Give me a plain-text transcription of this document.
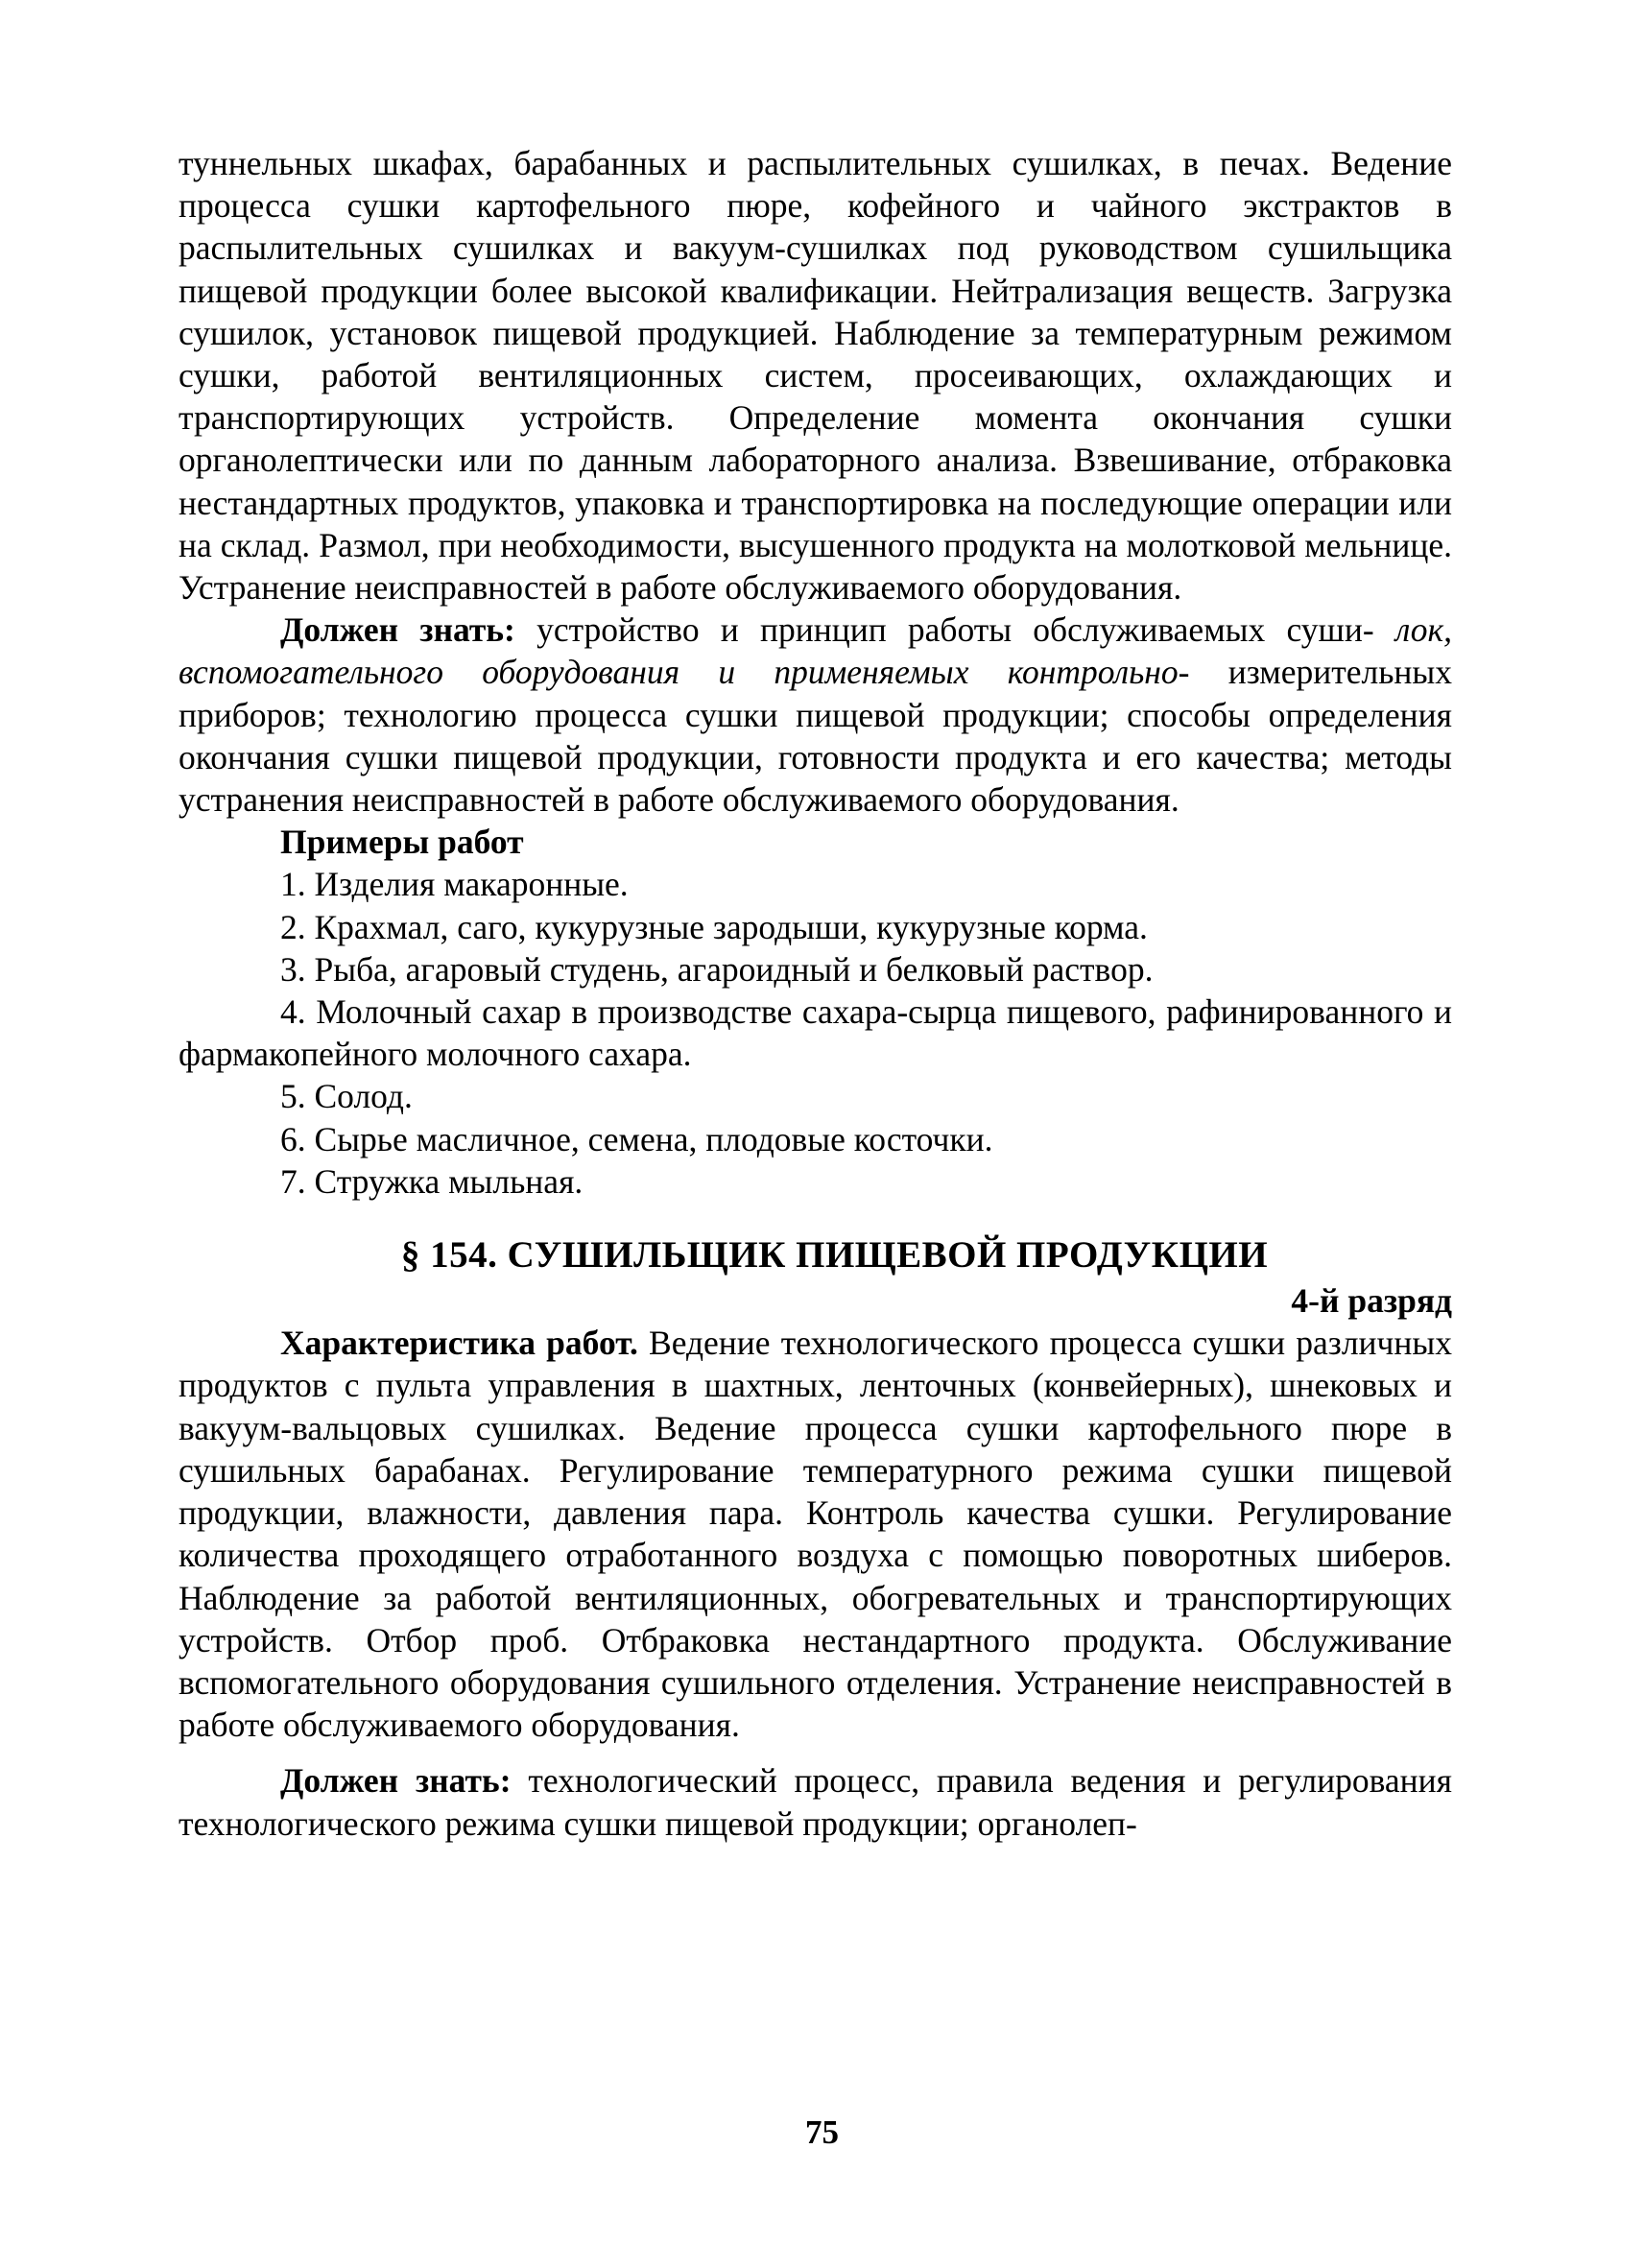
туннельных шкафах, барабанных и распылительных сушилках, в печах. Ведение процесса сушки картофельного пюре, кофейного и чайного экстрактов в распылительных сушилках и вакуум-сушилках под руководством сушильщика пищевой продукции более высокой квалификации. Нейтрализация веществ. Загрузка сушилок, установок пищевой продукцией. Наблюдение за температурным режимом сушки, работой вентиляционных систем, просеивающих, охлаждающих и транспортирующих устройств. Определение момента окончания сушки органолептически или по данным лабораторного анализа. Взвешивание, отбраковка нестандартных продуктов, упаковка и транспортировка на последующие операции или на склад. Размол, при необходимости, высушенного продукта на молотковой мельнице. Устранение неисправностей в работе обслуживаемого оборудования.

Должен знать: устройство и принцип работы обслуживаемых суши- лок, вспомогательного оборудования и применяемых контрольно- измерительных приборов; технологию процесса сушки пищевой продукции; способы определения окончания сушки пищевой продукции, готовности продукта и его качества; методы устранения неисправностей в работе обслуживаемого оборудования.

Примеры работ

1. Изделия макаронные.

2. Крахмал, саго, кукурузные зародыши, кукурузные корма.

3. Рыба, агаровый студень, агароидный и белковый раствор.

4. Молочный сахар в производстве сахара-сырца пищевого, рафинированного и фармакопейного молочного сахара.

5. Солод.

6. Сырье масличное, семена, плодовые косточки.

7. Стружка мыльная.

§ 154. СУШИЛЬЩИК ПИЩЕВОЙ ПРОДУКЦИИ

4-й разряд

Характеристика работ. Ведение технологического процесса сушки различных продуктов с пульта управления в шахтных, ленточных (конвейерных), шнековых и вакуум-вальцовых сушилках. Ведение процесса сушки картофельного пюре в сушильных барабанах. Регулирование температурного режима сушки пищевой продукции, влажности, давления пара. Контроль качества сушки. Регулирование количества проходящего отработанного воздуха с помощью поворотных шиберов. Наблюдение за работой вентиляционных, обогревательных и транспортирующих устройств. Отбор проб. Отбраковка нестандартного продукта. Обслуживание вспомогательного оборудования сушильного отделения. Устранение неисправностей в работе обслуживаемого оборудования.

Должен знать: технологический процесс, правила ведения и регулирования технологического режима сушки пищевой продукции; органолеп-

75
